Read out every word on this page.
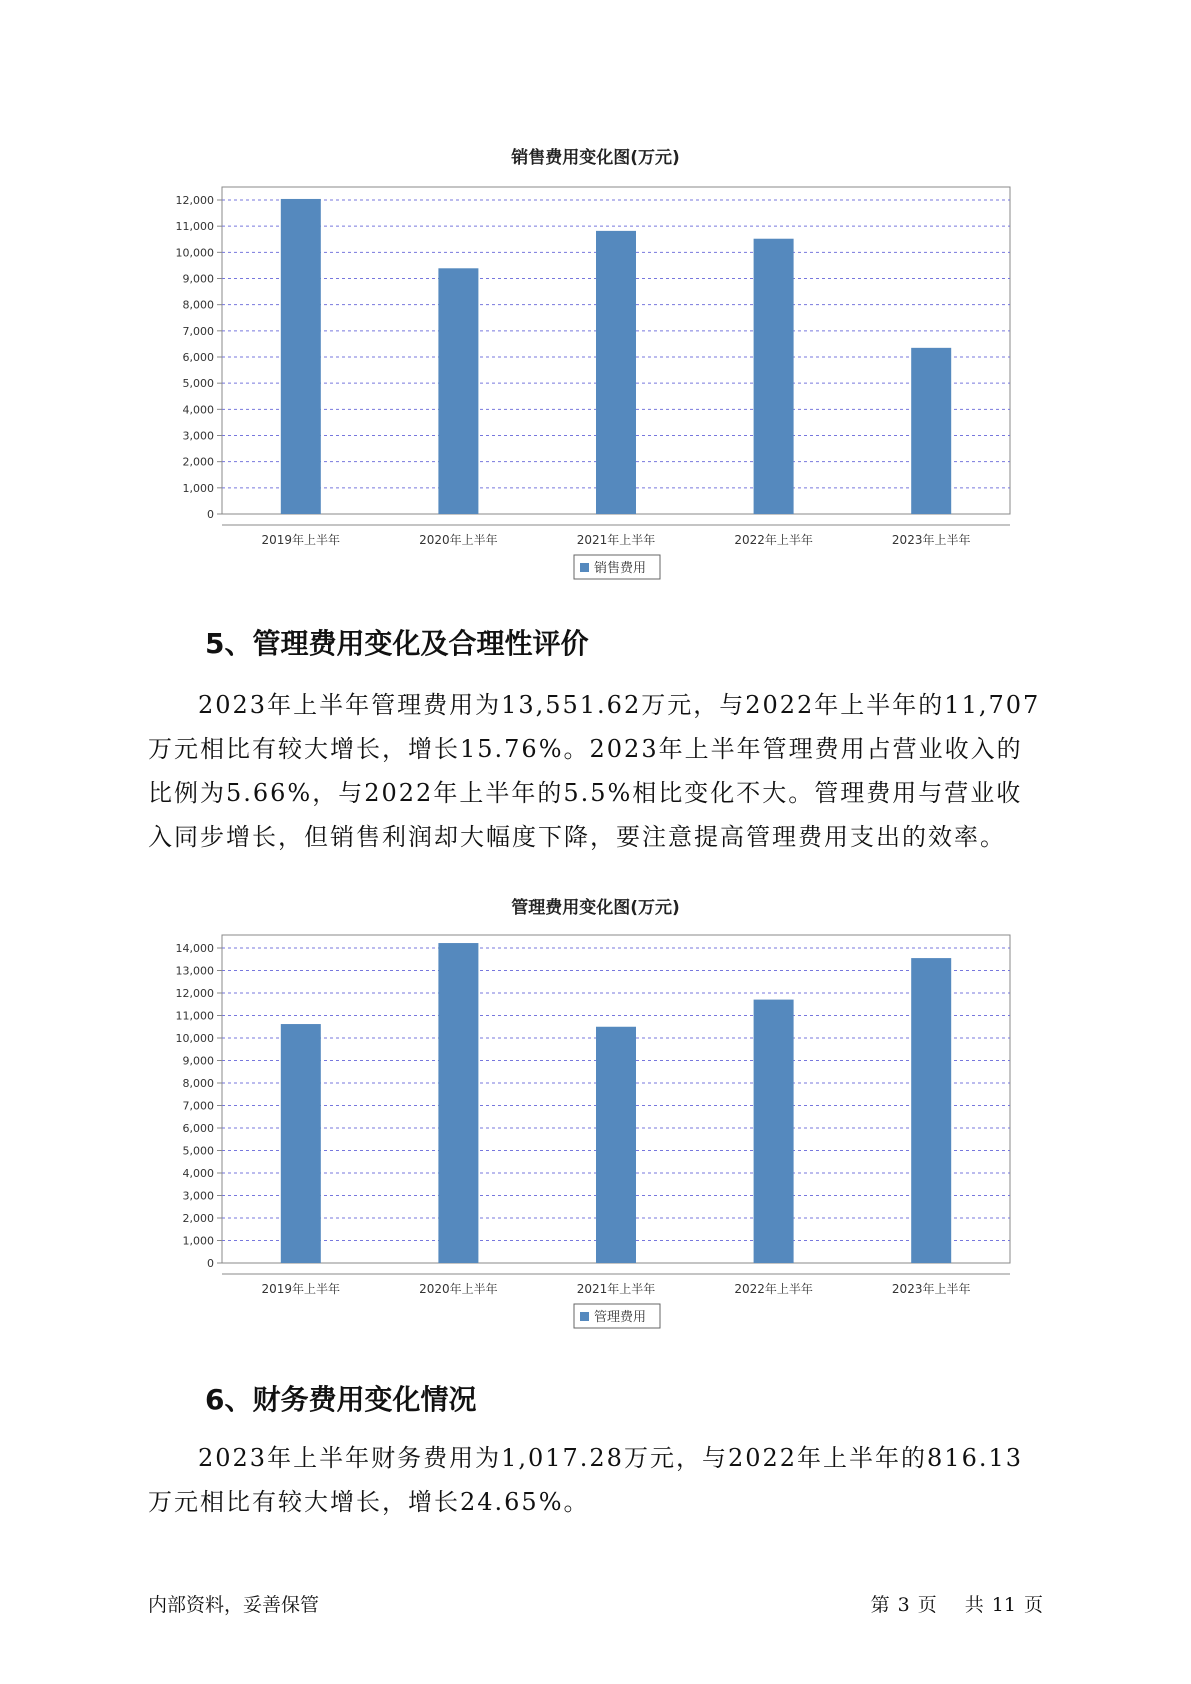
销售费用变化图(万元)
0
1,000
2,000
3,000
4,000
5,000
6,000
7,000
8,000
9,000
10,000
11,000
12,000
2019年上半年	2020年上半年	2021年上半年	2022年上半年	2023年上半年
销售费用
5、管理费用变化及合理性评价

2023年上半年管理费用为13,551.62万元，与2022年上半年的11,707万元相比有较大增长，增长15.76%。2023年上半年管理费用占营业收入的比例为5.66%，与2022年上半年的5.5%相比变化不大。管理费用与营业收入同步增长，但销售利润却大幅度下降，要注意提高管理费用支出的效率。

管理费用变化图(万元)
0
1,000
2,000
3,000
4,000
5,000
6,000
7,000
8,000
9,000
10,000
11,000
12,000
13,000
14,000
2019年上半年	2020年上半年	2021年上半年	2022年上半年	2023年上半年
管理费用
6、财务费用变化情况

2023年上半年财务费用为1,017.28万元，与2022年上半年的816.13万元相比有较大增长，增长24.65%。

内部资料，妥善保管	第 3 页 共 11 页
